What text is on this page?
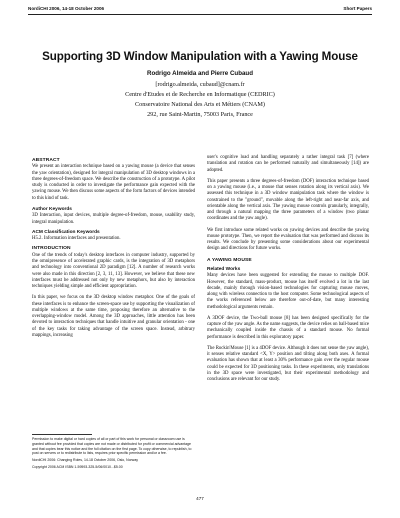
NordiCHI 2006, 14-18 October 2006	Short Papers
Supporting 3D Window Manipulation with a Yawing Mouse
Rodrigo Almeida and Pierre Cubaud
[rodrigo.almeida, cubaud]@cnam.fr
Centre d'Etudes et de Recherche en Informatique (CEDRIC)
Conservatoire National des Arts et Métiers (CNAM)
292, rue Saint-Martin, 75003 Paris, France
ABSTRACT

We present an interaction technique based on a yawing mouse (a device that senses the yaw orientation), designed for integral manipulation of 3D desktop windows in a three degrees-of-freedom space. We describe the construction of a prototype. A pilot study is conducted in order to investigate the performance gain expected with the yawing mouse. We then discuss some aspects of the form factors of devices intended to this kind of task.

Author Keywords

3D Interaction, input devices, multiple degree-of-freedom, mouse, usability study, integral manipulation.

ACM Classification Keywords

H5.2. Information interfaces and presentation.

INTRODUCTION

One of the trends of today's desktop interfaces in computer industry, supported by the omnipresence of accelerated graphic cards, is the integration of 3D metaphors and technology into conventional 2D paradigm [12]. A number of research works were also made in this direction [2, 3, 11, 13]. However, we believe that these new interfaces must be addressed not only by new metaphors, but also by interaction techniques yielding simple and efficient appropriation.

In this paper, we focus on the 3D desktop window metaphor. One of the goals of these interfaces is to enhance the screen-space use by supporting the visualization of multiple windows at the same time, proposing therefore an alternative to the overlapping-window model. Among the 3D approaches, little attention has been devoted to interaction techniques that handle intuitive and granular orientation - one of the key tasks for taking advantage of the screen space. Instead, arbitrary mappings, increasing

Permission to make digital or hard copies of all or part of this work for personal or classroom use is granted without fee provided that copies are not made or distributed for profit or commercial advantage and that copies bear this notice and the full citation on the first page. To copy otherwise, to republish, to post on servers or to redistribute to lists, requires prior specific permission and/or a fee.

NordiCHI 2006: Changing Roles, 14-18 October 2006, Oslo, Norway

Copyright 2006 ACM ISBN 1-59593-325-5/06/0010...$5.00

user's cognitive load and handling separately a rather integral task [7] (where translation and rotation can be performed naturally and simultaneously [14]) are adopted.

This paper presents a three degrees-of-freedom (DOF) interaction technique based on a yawing mouse (i.e., a mouse that senses rotation along its vertical axis). We assessed this technique in a 3D window manipulation task where the window is constrained to the "ground", movable along the left-right and near-far axis, and orientable along the vertical axis. The yawing mouse controls granularly, integrally, and through a natural mapping the three parameters of a window (two planar coordinates and the yaw angle).

We first introduce some related works on yawing devices and describe the yawing mouse prototype. Then, we report the evaluation that was performed and discuss its results. We conclude by presenting some considerations about our experimental design and directions for future works.

A YAWING MOUSE
Related Works

Many devices have been suggested for extending the mouse to multiple DOF. However, the standard, mass-product, mouse has itself evolved a lot in the last decade, mainly through vision-based technologies for capturing mouse moves, along with wireless connection to the host computer. Some technological aspects of the works referenced below are therefore out-of-date, but many interesting methodological arguments remain.

A 3DOF device, the Two-ball mouse [8] has been designed specifically for the capture of the yaw angle. As the name suggests, the device relies on ball-based mice mechanically coupled inside the chassis of a standard mouse. No formal performance is described in this exploratory paper.

The Rockin'Mouse [1] is a 4DOF device. Although it does not sense the yaw angle), it senses relative standard <X, Y> position and tilting along both axes. A formal evaluation has shown that at least a 30% performance gain over the regular mouse could be expected for 3D positioning tasks. In these experiments, only translations in the 3D space were investigated, but their experimental methodology and conclusions are relevant for our study.

477
